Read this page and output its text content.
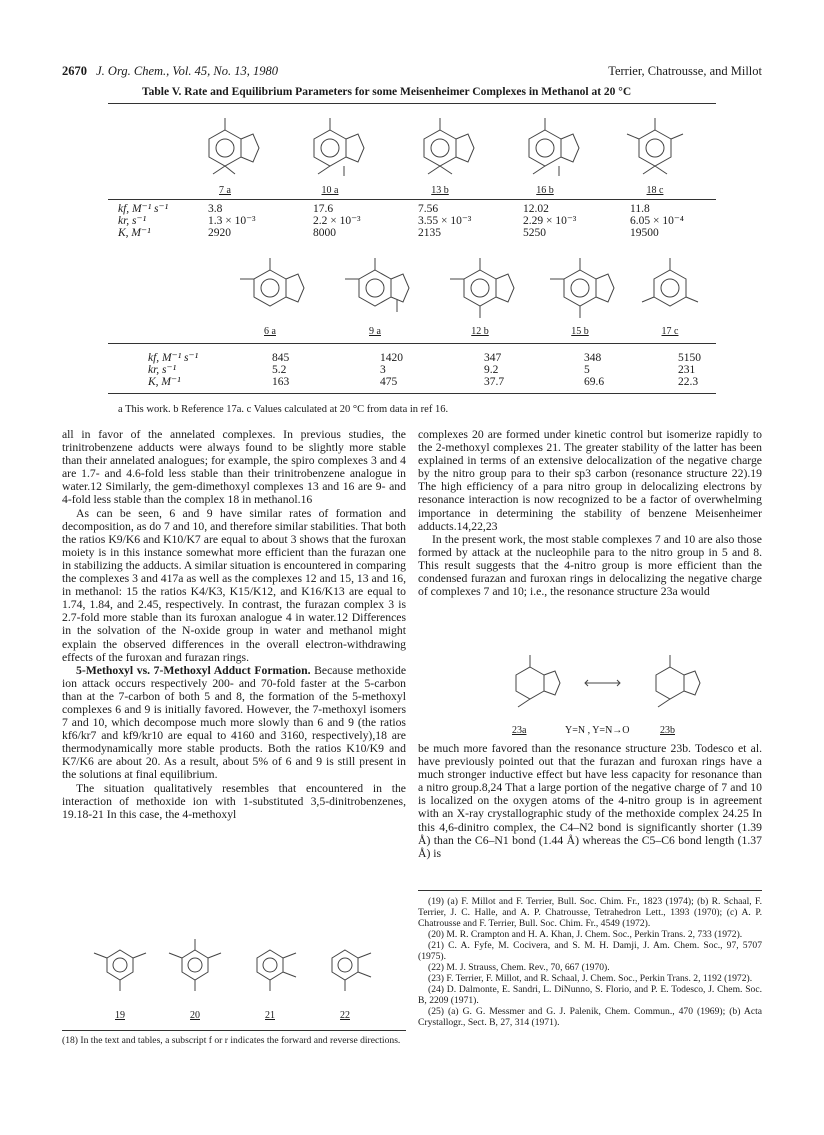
2670 J. Org. Chem., Vol. 45, No. 13, 1980	Terrier, Chatrousse, and Millot
Table V. Rate and Equilibrium Parameters for some Meisenheimer Complexes in Methanol at 20 °C
7 a	10 a	13 b	16 b	18 c
kf, M⁻¹ s⁻¹	3.8	17.6	7.56	12.02	11.8
kr, s⁻¹	1.3 × 10⁻³	2.2 × 10⁻³	3.55 × 10⁻³	2.29 × 10⁻³	6.05 × 10⁻⁴
K, M⁻¹	2920	8000	2135	5250	19500
6 a	9 a	12 b	15 b	17 c
kf, M⁻¹ s⁻¹	845	1420	347	348	5150
kr, s⁻¹	5.2	3	9.2	5	231
K, M⁻¹	163	475	37.7	69.6	22.3
a This work. b Reference 17a. c Values calculated at 20 °C from data in ref 16.

all in favor of the annelated complexes. In previous studies, the trinitrobenzene adducts were always found to be slightly more stable than their annelated analogues; for example, the spiro complexes 3 and 4 are 1.7- and 4.6-fold less stable than their trinitrobenzene analogue in water.12 Similarly, the gem-dimethoxyl complexes 13 and 16 are 9- and 4-fold less stable than the complex 18 in methanol.16

As can be seen, 6 and 9 have similar rates of formation and decomposition, as do 7 and 10, and therefore similar stabilities. That both the ratios K9/K6 and K10/K7 are equal to about 3 shows that the furoxan moiety is in this instance somewhat more efficient than the furazan one in stabilizing the adducts. A similar situation is encountered in comparing the complexes 3 and 417a as well as the complexes 12 and 15, 13 and 16, in methanol: 15 the ratios K4/K3, K15/K12, and K16/K13 are equal to 1.74, 1.84, and 2.45, respectively. In contrast, the furazan complex 3 is 2.7-fold more stable than its furoxan analogue 4 in water.12 Differences in the solvation of the N-oxide group in water and methanol might explain the observed differences in the overall electron-withdrawing effects of the furoxan and furazan rings.

5-Methoxyl vs. 7-Methoxyl Adduct Formation. Because methoxide ion attack occurs respectively 200- and 70-fold faster at the 5-carbon than at the 7-carbon of both 5 and 8, the formation of the 5-methoxyl complexes 6 and 9 is initially favored. However, the 7-methoxyl isomers 7 and 10, which decompose much more slowly than 6 and 9 (the ratios kf6/kr7 and kf9/kr10 are equal to 4160 and 3160, respectively),18 are thermodynamically more stable products. Both the ratios K10/K9 and K7/K6 are about 20. As a result, about 5% of 6 and 9 is still present in the solutions at final equilibrium.

The situation qualitatively resembles that encountered in the interaction of methoxide ion with 1-substituted 3,5-dinitrobenzenes, 19.18-21 In this case, the 4-methoxyl

19	20	21	22
(18) In the text and tables, a subscript f or r indicates the forward and reverse directions.

complexes 20 are formed under kinetic control but isomerize rapidly to the 2-methoxyl complexes 21. The greater stability of the latter has been explained in terms of an extensive delocalization of the negative charge by the nitro group para to their sp3 carbon (resonance structure 22).19 The high efficiency of a para nitro group in delocalizing electrons by resonance interaction is now recognized to be a factor of overwhelming importance in determining the stability of benzene Meisenheimer adducts.14,22,23

In the present work, the most stable complexes 7 and 10 are also those formed by attack at the nucleophile para to the nitro group in 5 and 8. This result suggests that the 4-nitro group is more efficient than the condensed furazan and furoxan rings in delocalizing the negative charge of complexes 7 and 10; i.e., the resonance structure 23a would

23a	Y=N , Y=N→O	23b

be much more favored than the resonance structure 23b. Todesco et al. have previously pointed out that the furazan and furoxan rings have a much stronger inductive effect but have less capacity for resonance than a nitro group.8,24 That a large portion of the negative charge of 7 and 10 is localized on the oxygen atoms of the 4-nitro group is in agreement with an X-ray crystallographic study of the methoxide complex 24.25 In this 4,6-dinitro complex, the C4–N2 bond is significantly shorter (1.39 Å) than the C6–N1 bond (1.44 Å) whereas the C5–C6 bond length (1.37 Å) is

(19) (a) F. Millot and F. Terrier, Bull. Soc. Chim. Fr., 1823 (1974); (b) R. Schaal, F. Terrier, J. C. Halle, and A. P. Chatrousse, Tetrahedron Lett., 1393 (1970); (c) A. P. Chatrousse and F. Terrier, Bull. Soc. Chim. Fr., 4549 (1972).

(20) M. R. Crampton and H. A. Khan, J. Chem. Soc., Perkin Trans. 2, 733 (1972).

(21) C. A. Fyfe, M. Cocivera, and S. M. H. Damji, J. Am. Chem. Soc., 97, 5707 (1975).

(22) M. J. Strauss, Chem. Rev., 70, 667 (1970).

(23) F. Terrier, F. Millot, and R. Schaal, J. Chem. Soc., Perkin Trans. 2, 1192 (1972).

(24) D. Dalmonte, E. Sandri, L. DiNunno, S. Florio, and P. E. Todesco, J. Chem. Soc. B, 2209 (1971).

(25) (a) G. G. Messmer and G. J. Palenik, Chem. Commun., 470 (1969); (b) Acta Crystallogr., Sect. B, 27, 314 (1971).
